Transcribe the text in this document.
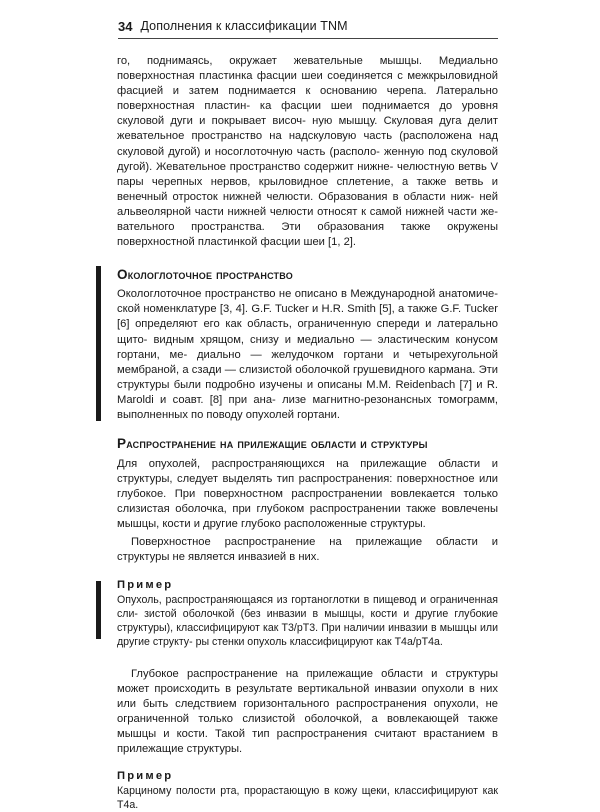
34 Дополнения к классификации TNM

го, поднимаясь, окружает жевательные мышцы. Медиально поверхностная пластинка фасции шеи соединяется с межкрыловидной фасцией и затем поднимается к основанию черепа. Латерально поверхностная пластин- ка фасции шеи поднимается до уровня скуловой дуги и покрывает височ- ную мышцу. Скуловая дуга делит жевательное пространство на надскуловую часть (расположена над скуловой дугой) и носоглоточную часть (располо- женную под скуловой дугой). Жевательное пространство содержит нижне- челюстную ветвь V пары черепных нервов, крыловидное сплетение, а также ветвь и венечный отросток нижней челюсти. Образования в области ниж- ней альвеолярной части нижней челюсти относят к самой нижней части же- вательного пространства. Эти образования также окружены поверхностной пластинкой фасции шеи [1, 2].

Окологлоточное пространство

Окологлоточное пространство не описано в Международной анатомиче- ской номенклатуре [3, 4]. G.F. Tucker и H.R. Smith [5], а также G.F. Tucker [6] определяют его как область, ограниченную спереди и латерально щито- видным хрящом, снизу и медиально — эластическим конусом гортани, ме- диально — желудочком гортани и четырехугольной мембраной, а сзади — слизистой оболочкой грушевидного кармана. Эти структуры были подробно изучены и описаны M.M. Reidenbach [7] и R. Maroldi и соавт. [8] при ана- лизе магнитно-резонансных томограмм, выполненных по поводу опухолей гортани.

Распространение на прилежащие области и структуры

Для опухолей, распространяющихся на прилежащие области и структуры, следует выделять тип распространения: поверхностное или глубокое. При поверхностном распространении вовлекается только слизистая оболочка, при глубоком распространении также вовлечены мышцы, кости и другие глубоко расположенные структуры.

Поверхностное распространение на прилежащие области и структуры не является инвазией в них.

Пример

Опухоль, распространяющаяся из гортаноглотки в пищевод и ограниченная сли- зистой оболочкой (без инвазии в мышцы, кости и другие глубокие структуры), классифицируют как T3/pT3. При наличии инвазии в мышцы или другие структу- ры стенки опухоль классифицируют как T4a/pT4a.

Глубокое распространение на прилежащие области и структуры может происходить в результате вертикальной инвазии опухоли в них или быть следствием горизонтального распространения опухоли, не ограниченной только слизистой оболочкой, а вовлекающей также мышцы и кости. Такой тип распространения считают врастанием в прилежащие структуры.

Пример

Карциному полости рта, прорастающую в кожу щеки, классифицируют как T4a.
